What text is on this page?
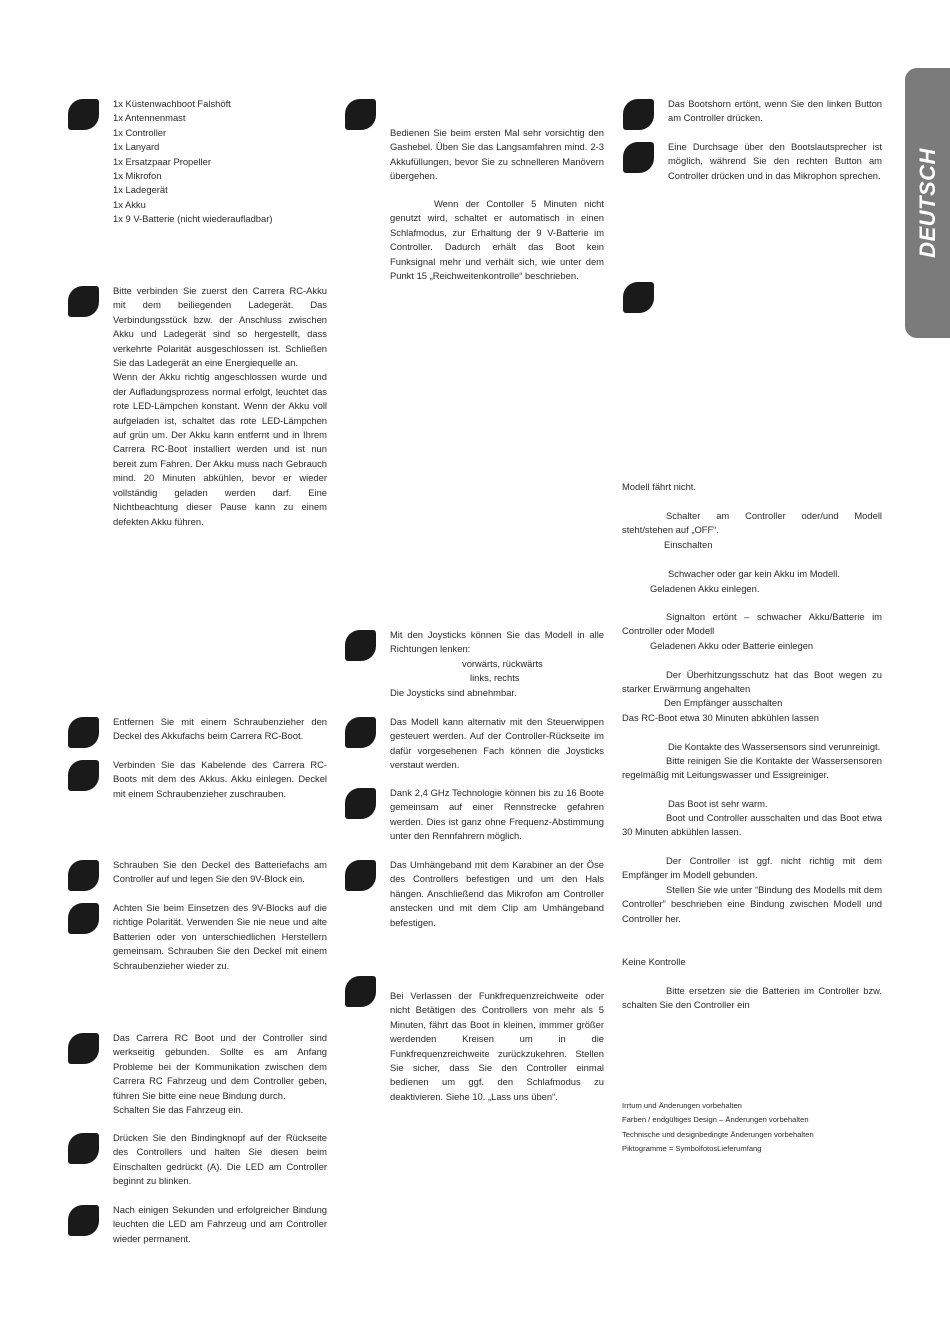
DEUTSCH

1x Küstenwachboot Falshöft

1x Antennenmast

1x Controller

1x Lanyard

1x Ersatzpaar Propeller

1x Mikrofon

1x Ladegerät

1x Akku

1x 9 V-Batterie (nicht wiederaufladbar)

Bitte verbinden Sie zuerst den Carrera RC-Akku mit dem beiliegenden Ladegerät. Das Verbindungsstück bzw. der Anschluss zwischen Akku und Ladegerät sind so hergestellt, dass verkehrte Polarität ausgeschlossen ist. Schließen Sie das Ladegerät an eine Energiequelle an.

Wenn der Akku richtig angeschlossen wurde und der Aufladungsprozess normal erfolgt, leuchtet das rote LED-Lämpchen konstant. Wenn der Akku voll aufgeladen ist, schaltet das rote LED-Lämpchen auf grün um. Der Akku kann entfernt und in Ihrem Carrera RC-Boot installiert werden und ist nun bereit zum Fahren. Der Akku muss nach Gebrauch mind. 20 Minuten abkühlen, bevor er wieder vollständig geladen werden darf. Eine Nichtbeachtung dieser Pause kann zu einem defekten Akku führen.

Entfernen Sie mit einem Schraubenzieher den Deckel des Akkufachs beim Carrera RC-Boot.
Verbinden Sie das Kabelende des Carrera RC-Boots mit dem des Akkus. Akku einlegen. Deckel mit einem Schraubenzieher zuschrauben.
Schrauben Sie den Deckel des Batteriefachs am Controller auf und legen Sie den 9V-Block ein.
Achten Sie beim Einsetzen des 9V-Blocks auf die richtige Polarität. Verwenden Sie nie neue und alte Batterien oder von unterschiedlichen Herstellern gemeinsam. Schrauben Sie den Deckel mit einem Schraubenzieher wieder zu.

Das Carrera RC Boot und der Controller sind werkseitig gebunden. Sollte es am Anfang Probleme bei der Kommunikation zwischen dem Carrera RC Fahrzeug und dem Controller geben, führen Sie bitte eine neue Bindung durch.

Schalten Sie das Fahrzeug ein.

Drücken Sie den Bindingknopf auf der Rückseite des Controllers und halten Sie diesen beim Einschalten gedrückt (A). Die LED am Controller beginnt zu blinken.
Nach einigen Sekunden und erfolgreicher Bindung leuchten die LED am Fahrzeug und am Controller wieder permanent.
Bedienen Sie beim ersten Mal sehr vorsichtig den Gashebel. Üben Sie das Langsamfahren mind. 2-3 Akkufüllungen, bevor Sie zu schnelleren Manövern übergehen.
Wenn der Contoller 5 Minuten nicht genutzt wird, schaltet er automatisch in einen Schlafmodus, zur Erhaltung der 9 V-Batterie im Controller. Dadurch erhält das Boot kein Funksignal mehr und verhält sich, wie unter dem Punkt 15 „Reichweitenkontrolle“ beschrieben.

Mit den Joysticks können Sie das Modell in alle Richtungen lenken:

vorwärts, rückwärts

links, rechts

Die Joysticks sind abnehmbar.

Das Modell kann alternativ mit den Steuerwippen gesteuert werden. Auf der Controller-Rückseite im dafür vorgesehenen Fach können die Joysticks verstaut werden.
Dank 2,4 GHz Technologie können bis zu 16 Boote gemeinsam auf einer Rennstrecke gefahren werden. Dies ist ganz ohne Frequenz-Abstimmung unter den Rennfahrern möglich.
Das Umhängeband mit dem Karabiner an der Öse des Controllers befestigen und um den Hals hängen. Anschließend das Mikrofon am Controller anstecken und mit dem Clip am Umhängeband befestigen.
Bei Verlassen der Funkfrequenzreichweite oder nicht Betätigen des Controllers von mehr als 5 Minuten, fährt das Boot in kleinen, immmer größer werdenden Kreisen um in die Funkfrequenzreichweite zurückzukehren. Stellen Sie sicher, dass Sie den Controller einmal bedienen um ggf. den Schlafmodus zu deaktivieren. Siehe 10. „Lass uns üben“.
Das Bootshorn ertönt, wenn Sie den linken Button am Controller drücken.
Eine Durchsage über den Bootslautsprecher ist möglich, während Sie den rechten Button am Controller drücken und in das Mikrophon sprechen.
Modell fährt nicht.
Schalter am Controller oder/und Modell steht/stehen auf „OFF“.
Einschalten
Schwacher oder gar kein Akku im Modell.
Geladenen Akku einlegen.
Signalton ertönt – schwacher Akku/Batterie im Controller oder Modell
Geladenen Akku oder Batterie einlegen
Der Überhitzungsschutz hat das Boot wegen zu starker Erwärmung angehalten
Den Empfänger ausschalten
Das RC-Boot etwa 30 Minuten abkühlen lassen
Die Kontakte des Wassersensors sind verunreinigt.
Bitte reinigen Sie die Kontakte der Wassersensoren regelmäßig mit Leitungswasser und Essigreiniger.
Das Boot ist sehr warm.
Boot und Controller ausschalten und das Boot etwa 30 Minuten abkühlen lassen.
Der Controller ist ggf. nicht richtig mit dem Empfänger im Modell gebunden.
Stellen Sie wie unter “Bindung des Modells mit dem Controller” beschrieben eine Bindung zwischen Modell und Controller her.
Keine Kontrolle
Bitte ersetzen sie die Batterien im Controller bzw. schalten Sie den Controller ein
Irrtum und Änderungen vorbehalten
Farben / endgültiges Design – Änderungen vorbehalten
Technische und designbedingte Änderungen vorbehalten
Piktogramme = SymbolfotosLieferumfang
